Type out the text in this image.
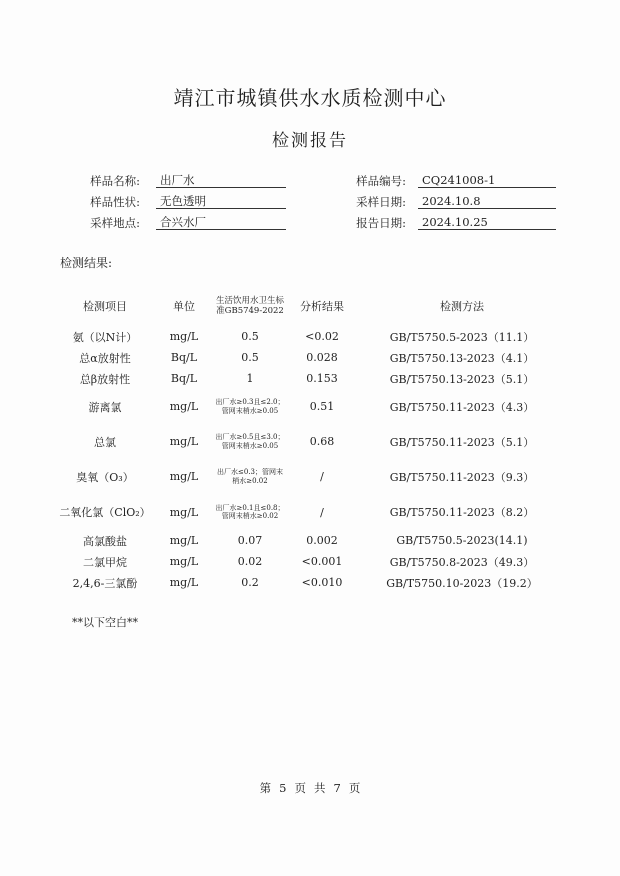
靖江市城镇供水水质检测中心
检测报告
样品名称:	出厂水
样品性状:	无色透明
采样地点:	合兴水厂
样品编号:	CQ241008-1
采样日期:	2024.10.8
报告日期:	2024.10.25
检测结果:
检测项目	单位	生活饮用水卫生标准GB5749-2022	分析结果	检测方法
氨（以N计）	mg/L	0.5	<0.02	GB/T5750.5-2023（11.1）
总α放射性	Bq/L	0.5	0.028	GB/T5750.13-2023（4.1）
总β放射性	Bq/L	1	0.153	GB/T5750.13-2023（5.1）
游离氯	mg/L	出厂水≥0.3且≤2.0；管网末梢水≥0.05	0.51	GB/T5750.11-2023（4.3）
总氯	mg/L	出厂水≥0.5且≤3.0；管网末梢水≥0.05	0.68	GB/T5750.11-2023（5.1）
臭氧（O₃）	mg/L	出厂水≤0.3；管网末梢水≥0.02	/	GB/T5750.11-2023（9.3）
二氧化氯（ClO₂）	mg/L	出厂水≥0.1且≤0.8；管网末梢水≥0.02	/	GB/T5750.11-2023（8.2）
高氯酸盐	mg/L	0.07	0.002	GB/T5750.5-2023(14.1)
二氯甲烷	mg/L	0.02	<0.001	GB/T5750.8-2023（49.3）
2,4,6-三氯酚	mg/L	0.2	<0.010	GB/T5750.10-2023（19.2）
**以下空白**
第 5 页 共 7 页
